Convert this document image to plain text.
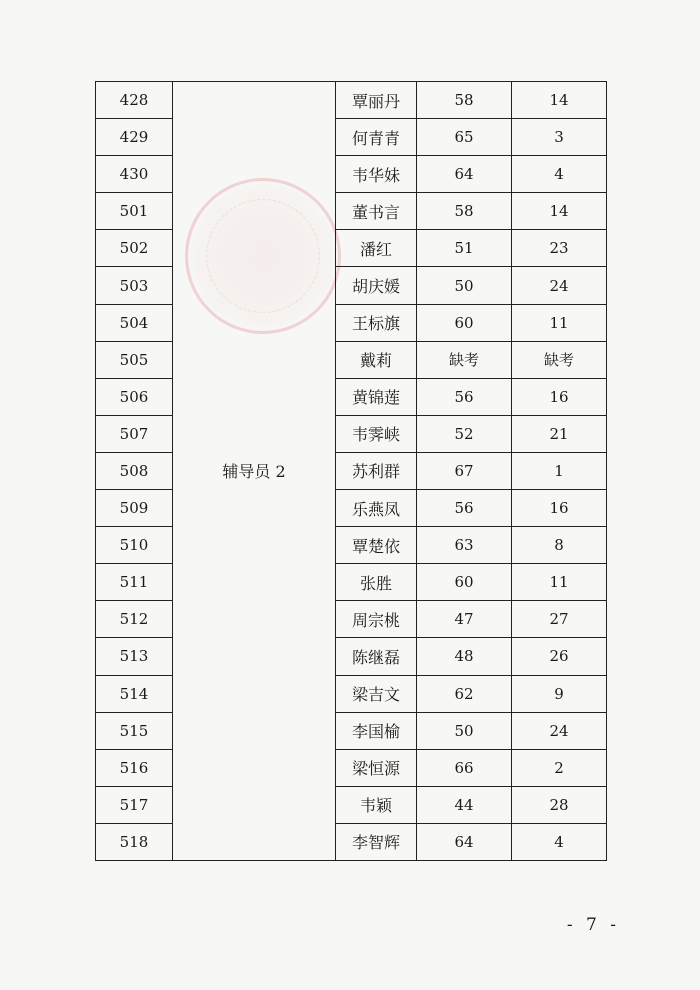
428	辅导员 2	覃丽丹	58	14
429		何青青	65	3
430		韦华妹	64	4
501		董书言	58	14
502		潘红	51	23
503		胡庆媛	50	24
504		王标旗	60	11
505		戴莉	缺考	缺考
506		黄锦莲	56	16
507		韦霁峡	52	21
508		苏利群	67	1
509		乐燕凤	56	16
510		覃楚依	63	8
511		张胜	60	11
512		周宗桃	47	27
513		陈继磊	48	26
514		梁吉文	62	9
515		李国榆	50	24
516		梁恒源	66	2
517		韦颖	44	28
518		李智辉	64	4
- 7 -
